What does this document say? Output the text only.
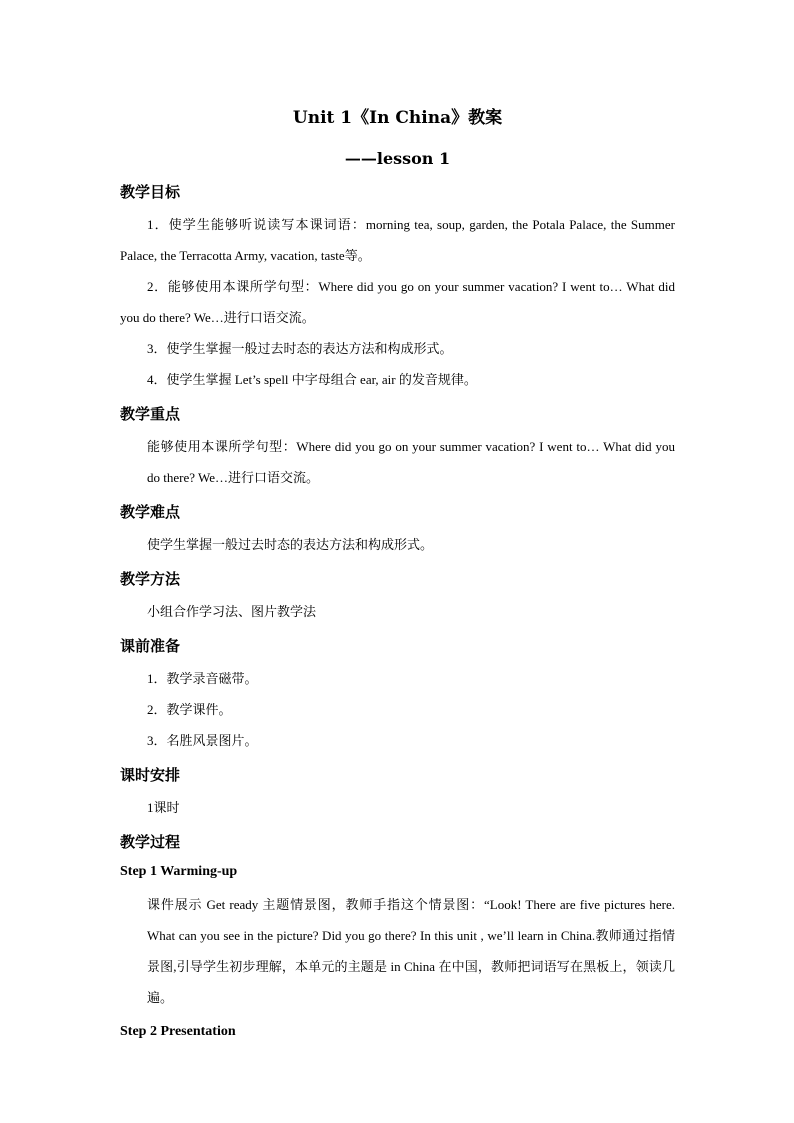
Unit 1《In China》教案
——lesson 1
教学目标

1．使学生能够听说读写本课词语：morning tea, soup, garden, the Potala Palace, the Summer Palace, the Terracotta Army, vacation, taste等。

2．能够使用本课所学句型：Where did you go on your summer vacation? I went to… What did you do there? We…进行口语交流。

3．使学生掌握一般过去时态的表达方法和构成形式。

4．使学生掌握 Let’s spell 中字母组合 ear, air 的发音规律。

教学重点

能够使用本课所学句型：Where did you go on your summer vacation? I went to… What did you do there? We…进行口语交流。

教学难点

使学生掌握一般过去时态的表达方法和构成形式。

教学方法

小组合作学习法、图片教学法

课前准备

1．教学录音磁带。

2．教学课件。

3．名胜风景图片。

课时安排

1课时

教学过程
Step 1 Warming-up

课件展示 Get ready 主题情景图，教师手指这个情景图：“Look! There are five pictures here. What can you see in the picture? Did you go there? In this unit , we’ll learn in China.教师通过指情景图,引导学生初步理解，本单元的主题是 in China 在中国，教师把词语写在黑板上，领读几遍。

Step 2 Presentation
